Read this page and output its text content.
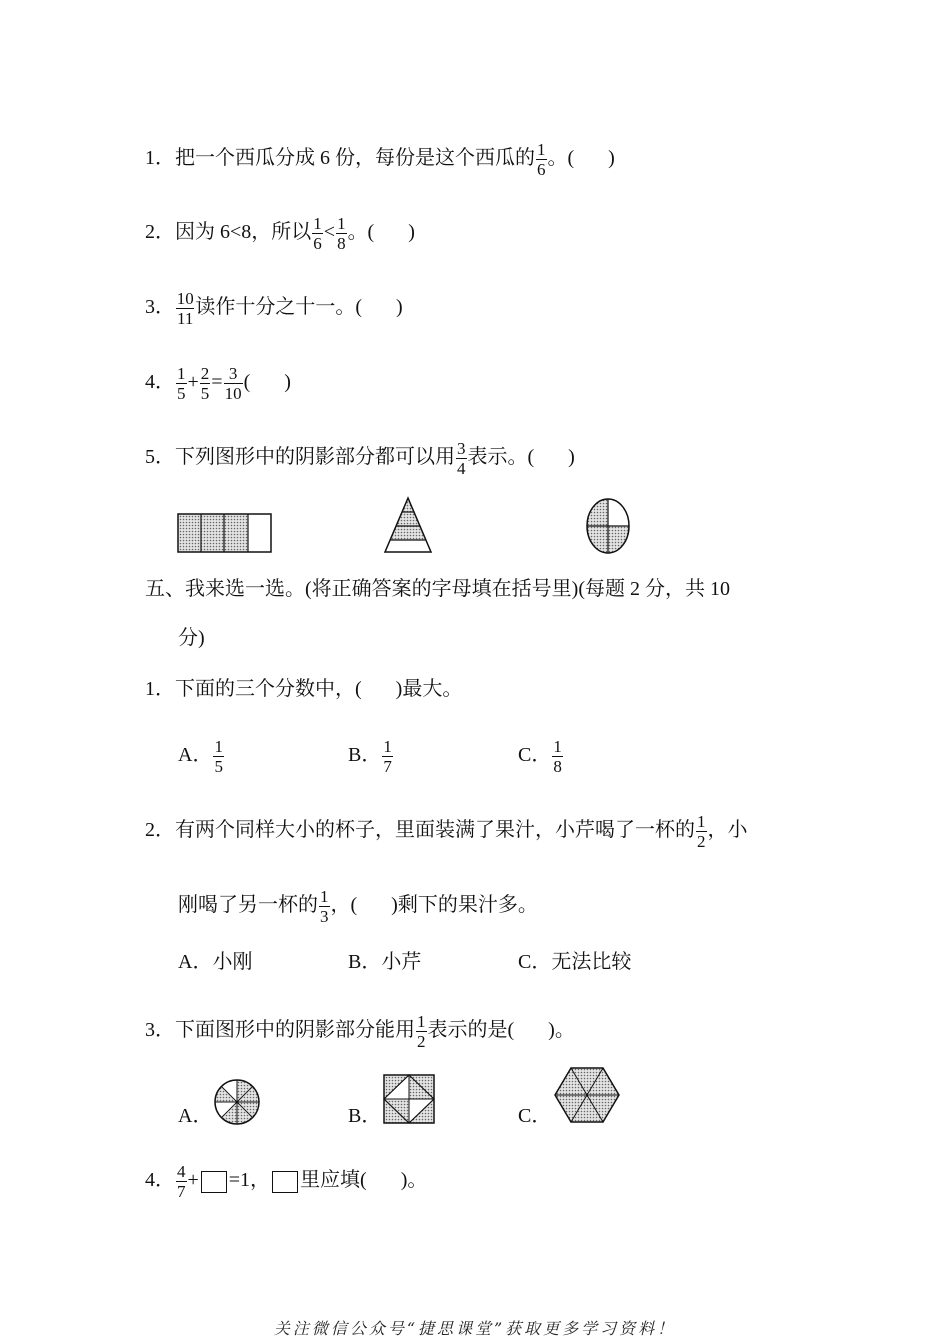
1．把一个西瓜分成 6 份，每份是这个西瓜的 $\frac{1}{6}$ 。( )
2．因为 6<8，所以 $\frac{1}{6} < \frac{1}{8}$ 。( )
3． $\frac{10}{11}$ 读作十分之十一。( )
4． $\frac{1}{5} + \frac{2}{5} = \frac{3}{10}$ ( )
5．下列图形中的阴影部分都可以用 $\frac{3}{4}$ 表示。( )
五、我来选一选。(将正确答案的字母填在括号里)(每题 2 分，共 10
分)
1．下面的三个分数中，( )最大。
A． $\frac{1}{5}$	B． $\frac{1}{7}$	C． $\frac{1}{8}$
2．有两个同样大小的杯子，里面装满了果汁，小芹喝了一杯的 $\frac{1}{2}$ ，小
刚喝了另一杯的 $\frac{1}{3}$ ，( )剩下的果汁多。
A．小刚	B．小芹	C．无法比较
3．下面图形中的阴影部分能用 $\frac{1}{2}$ 表示的是( )。
A．	B．	C．
4． $\frac{4}{7} + =1$， 里应填( )。
关注微信公众号“捷思课堂”获取更多学习资料！
